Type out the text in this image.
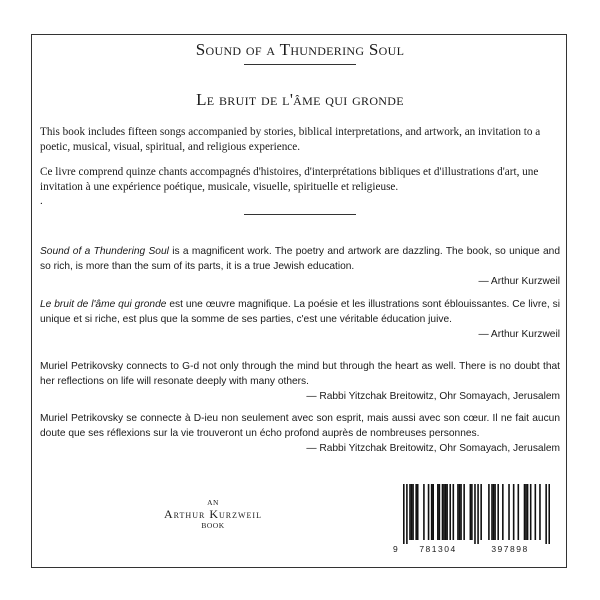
Sound of a Thundering Soul
Le bruit de l'âme qui gronde
This book includes fifteen songs accompanied by stories, biblical interpretations, and artwork, an invitation to a poetic, musical, visual, spiritual, and religious experience.
Ce livre comprend quinze chants accompagnés d'histoires, d'interprétations bibliques et d'illustrations d'art, une invitation à une expérience poétique, musicale, visuelle, spirituelle et religieuse.
.
Sound of a Thundering Soul is a magnificent work. The poetry and artwork are dazzling. The book, so unique and so rich, is more than the sum of its parts, it is a true Jewish education.
— Arthur Kurzweil
Le bruit de l'âme qui gronde est une œuvre magnifique. La poésie et les illustrations sont éblouissantes. Ce livre, si unique et si riche, est plus que la somme de ses parties, c'est une véritable éducation juive.
— Arthur Kurzweil
Muriel Petrikovsky connects to G-d not only through the mind but through the heart as well. There is no doubt that her reflections on life will resonate deeply with many others.
— Rabbi Yitzchak Breitowitz, Ohr Somayach, Jerusalem
Muriel Petrikovsky se connecte à D-ieu non seulement avec son esprit, mais aussi avec son cœur. Il ne fait aucun doute que ses réflexions sur la vie trouveront un écho profond auprès de nombreuses personnes.
— Rabbi Yitzchak Breitowitz, Ohr Somayach, Jerusalem
AN
Arthur Kurzweil
BOOK
9	781304	397898
